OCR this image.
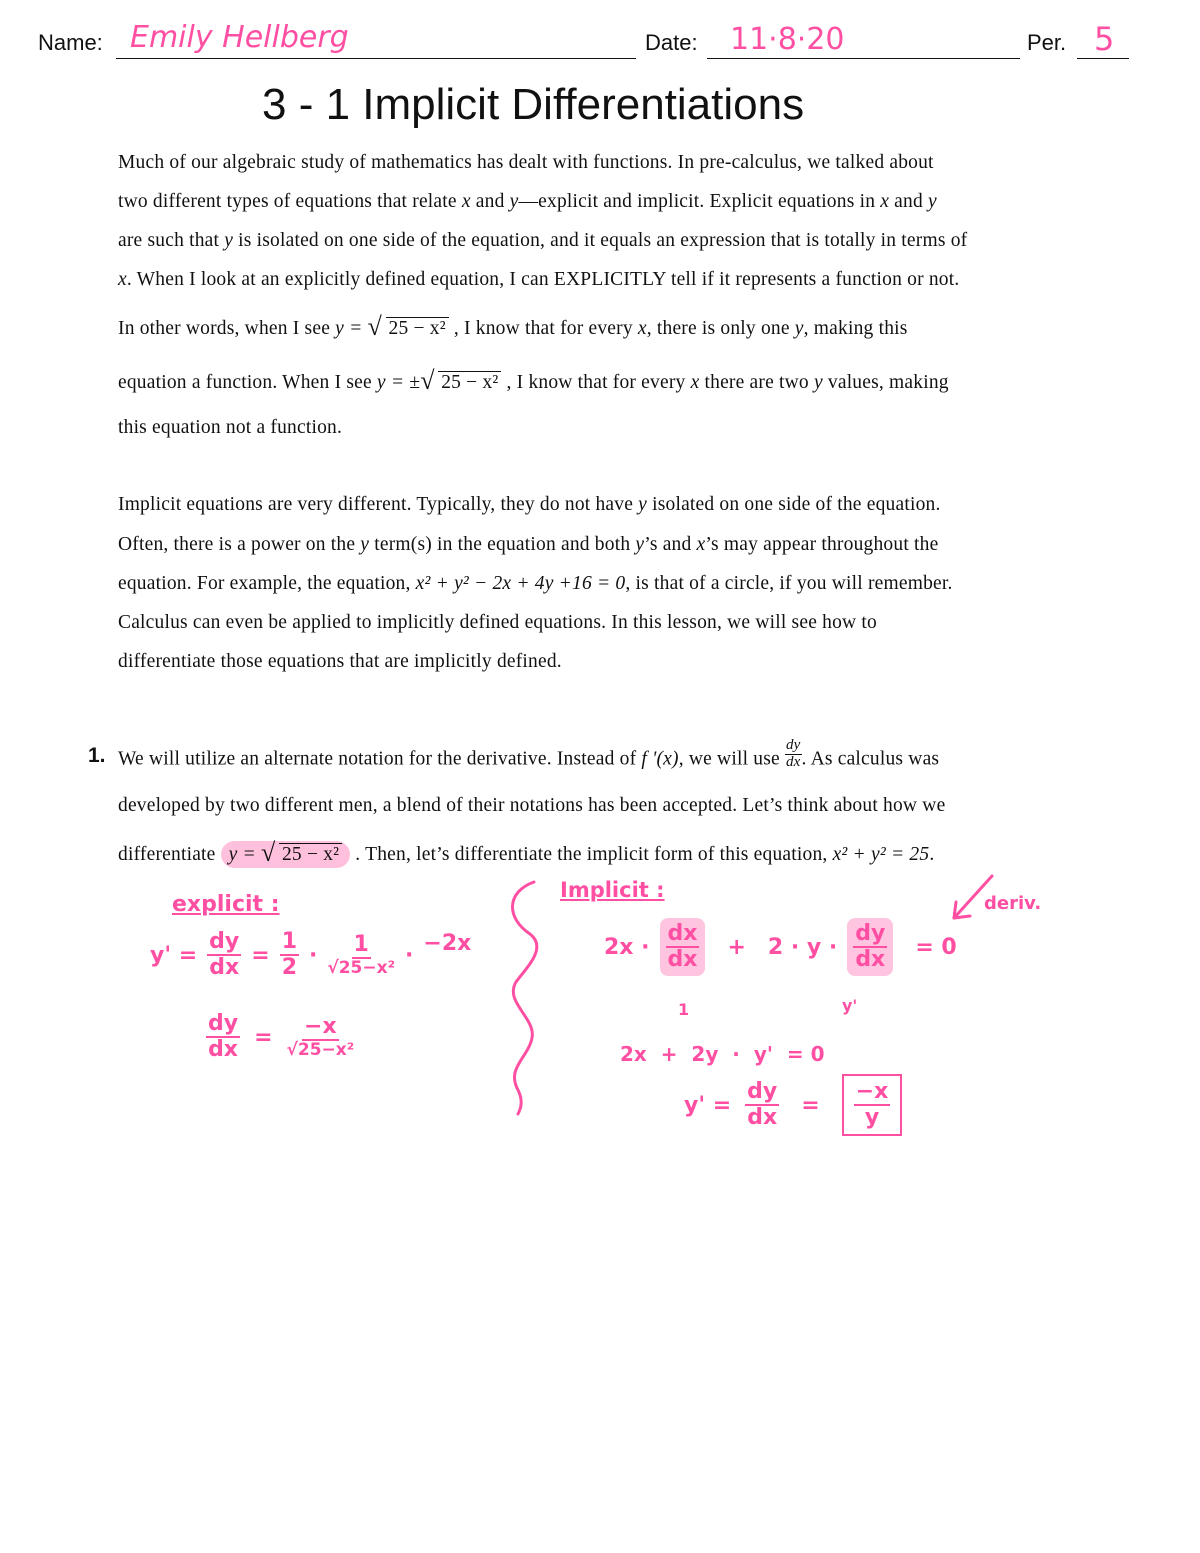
Name: Emily Hellberg	Date: 11·8·20	Per. 5
3 - 1 Implicit Differentiations
Much of our algebraic study of mathematics has dealt with functions. In pre-calculus, we talked about
two different types of equations that relate x and y—explicit and implicit. Explicit equations in x and y
are such that y is isolated on one side of the equation, and it equals an expression that is totally in terms of
x. When I look at an explicitly defined equation, I can EXPLICITLY tell if it represents a function or not.
In other words, when I see y = √ 25 − x² , I know that for every x, there is only one y, making this
equation a function. When I see y = ± √ 25 − x² , I know that for every x there are two y values, making
this equation not a function.
Implicit equations are very different. Typically, they do not have y isolated on one side of the equation.
Often, there is a power on the y term(s) in the equation and both y’s and x’s may appear throughout the
equation. For example, the equation, x² + y² − 2x + 4y +16 = 0, is that of a circle, if you will remember.
Calculus can even be applied to implicitly defined equations. In this lesson, we will see how to
differentiate those equations that are implicitly defined.
1. We will utilize an alternate notation for the derivative. Instead of f '(x), we will use $\frac{dy}{dx}$ . As calculus was
developed by two different men, a blend of their notations has been accepted. Let’s think about how we
differentiate y = √ 25 − x² . Then, let’s differentiate the implicit form of this equation, x² + y² = 25.
explicit :
$y' = \frac{dy}{dx} = \frac{1}{2} \cdot \frac{1}{\text{√25−x²}} \cdot -2x$
$\frac{dy}{dx} = \frac{-x}{\text{√25−x²}}$
Implicit :
$2x \cdot \frac{dx}{dx} + 2 \cdot y \cdot \frac{dy}{dx} = 0$
1	y'
deriv.
2x  +  2y  ·  y'  = 0
$y' = \frac{dy}{dx} = \frac{-x}{y}$
